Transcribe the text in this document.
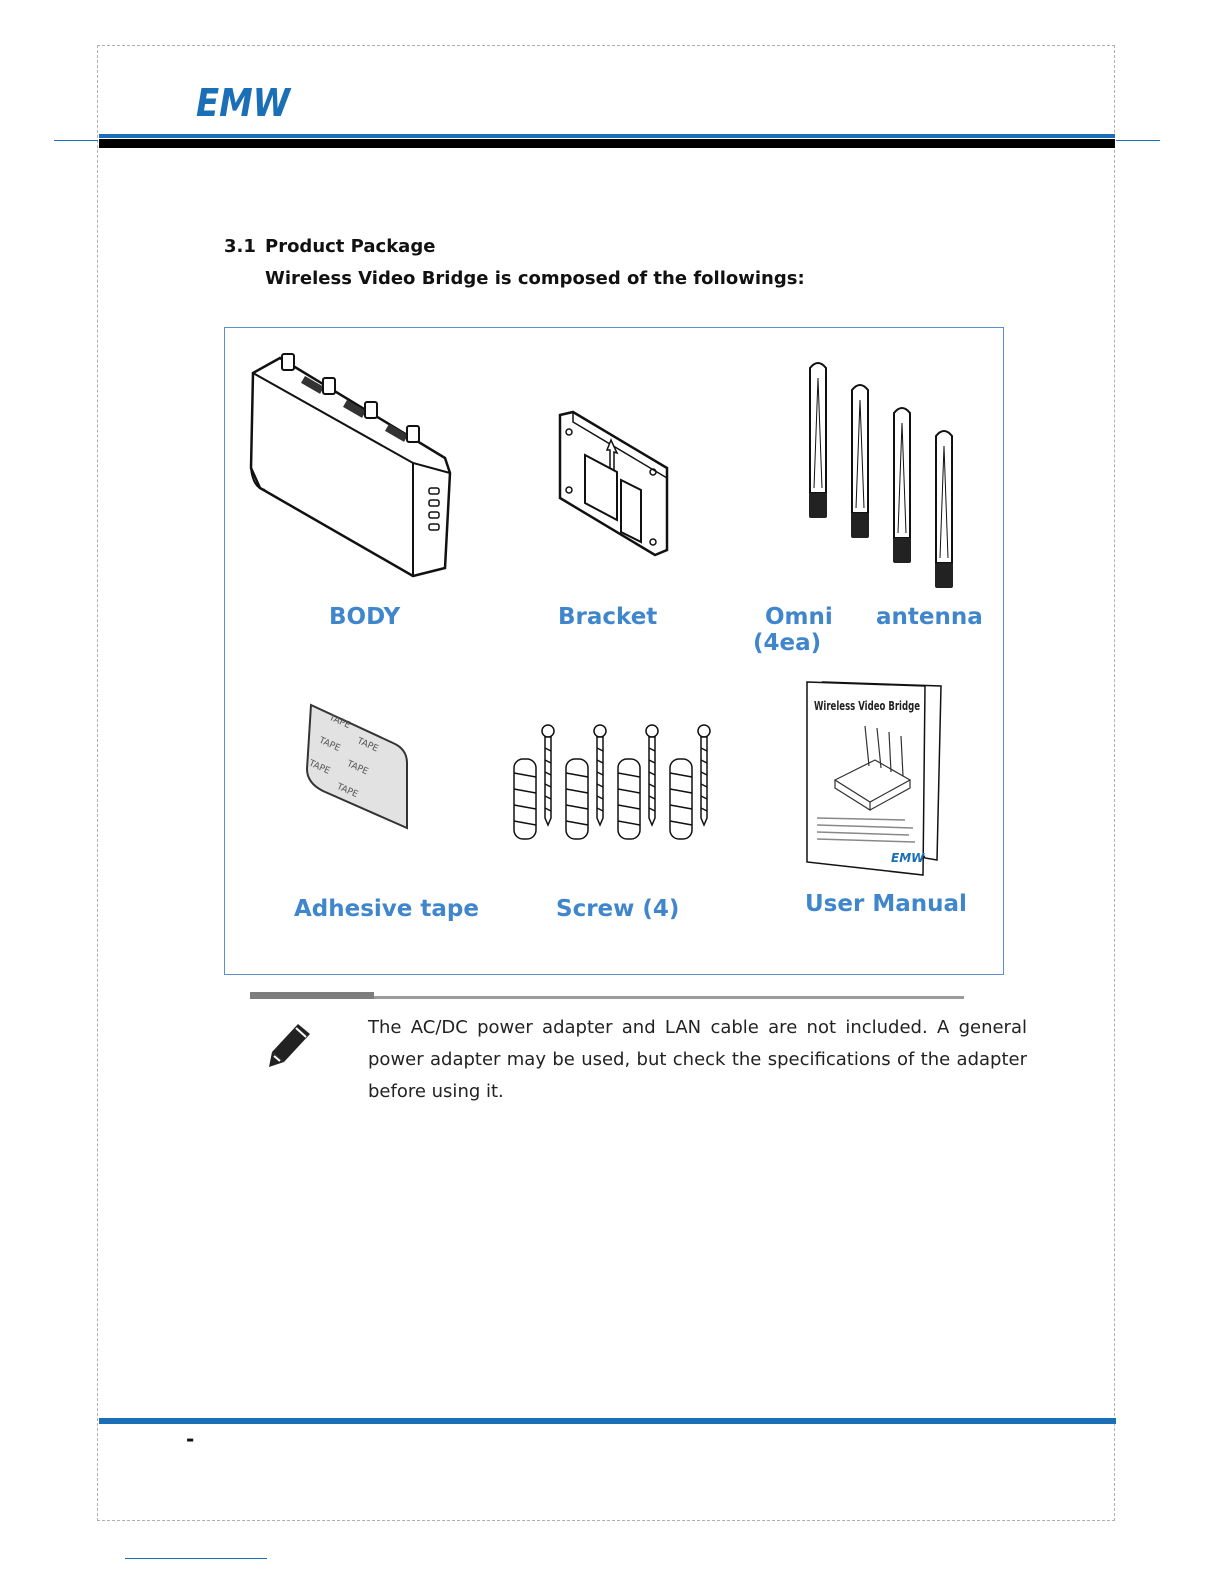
EMW
3.1 Product Package
Wireless Video Bridge is composed of the followings:
BODY	Bracket	Omni antenna
(4ea)
TAPE
TAPE
TAPE
TAPE
TAPE
TAPE
Wireless Video Bridge
EMW
Adhesive tape	Screw (4)	User Manual
The AC/DC power adapter and LAN cable are not included. A general power adapter may be used, but check the specifications of the adapter before using it.
-
